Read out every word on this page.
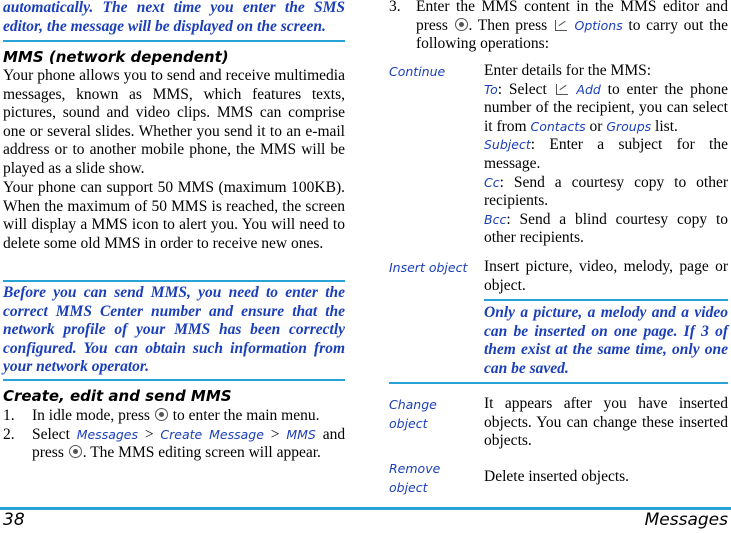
automatically. The next time you enter the SMS editor, the message will be displayed on the screen.

MMS (network dependent)

Your phone allows you to send and receive multimedia messages, known as MMS, which features texts, pictures, sound and video clips. MMS can comprise one or several slides. Whether you send it to an e-mail address or to another mobile phone, the MMS will be played as a slide show.

Your phone can support 50 MMS (maximum 100KB). When the maximum of 50 MMS is reached, the screen will display a MMS icon to alert you. You will need to delete some old MMS in order to receive new ones.

Before you can send MMS, you need to enter the correct MMS Center number and ensure that the network profile of your MMS has been correctly configured. You can obtain such information from your network operator.

Create, edit and send MMS
1. In idle mode, press to enter the main menu.
2. Select Messages > Create Message > MMS and press . The MMS editing screen will appear.
3. Enter the MMS content in the MMS editor and press . Then press Options to carry out the following operations:
Continue	Enter details for the MMS:

To: Select Add to enter the phone number of the recipient, you can select it from Contacts or Groups list.

Subject: Enter a subject for the message.

Cc: Send a courtesy copy to other recipients.

Bcc: Send a blind courtesy copy to other recipients.

Insert object Insert picture, video, melody, page or object.

Only a picture, a melody and a video can be inserted on one page. If 3 of them exist at the same time, only one can be saved.

Change object

It appears after you have inserted objects. You can change these inserted objects.

Remove object

Delete inserted objects.

38	Messages
